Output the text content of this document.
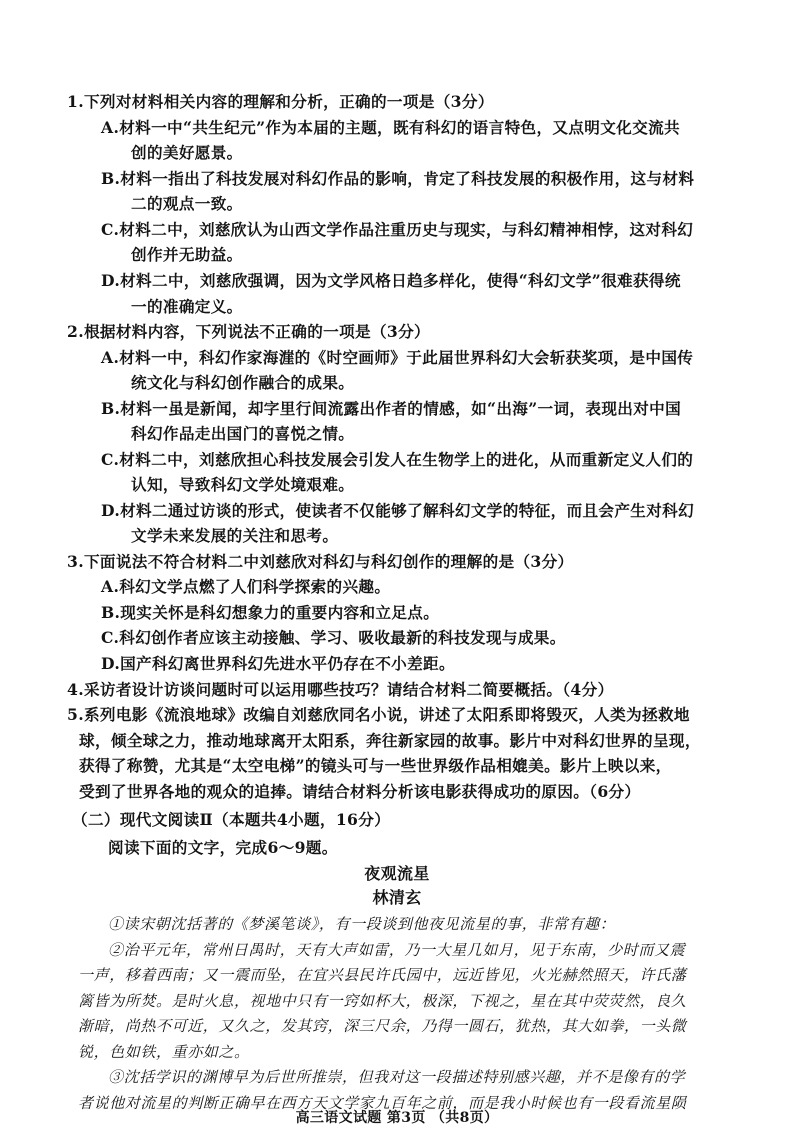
1.下列对材料相关内容的理解和分析，正确的一项是（3分）
A.材料一中“共生纪元”作为本届的主题，既有科幻的语言特色，又点明文化交流共
创的美好愿景。
B.材料一指出了科技发展对科幻作品的影响，肯定了科技发展的积极作用，这与材料
二的观点一致。
C.材料二中，刘慈欣认为山西文学作品注重历史与现实，与科幻精神相悖，这对科幻
创作并无助益。
D.材料二中，刘慈欣强调，因为文学风格日趋多样化，使得“科幻文学”很难获得统
一的准确定义。
2.根据材料内容，下列说法不正确的一项是（3分）
A.材料一中，科幻作家海漄的《时空画师》于此届世界科幻大会斩获奖项，是中国传
统文化与科幻创作融合的成果。
B.材料一虽是新闻，却字里行间流露出作者的情感，如“出海”一词，表现出对中国
科幻作品走出国门的喜悦之情。
C.材料二中，刘慈欣担心科技发展会引发人在生物学上的进化，从而重新定义人们的
认知，导致科幻文学处境艰难。
D.材料二通过访谈的形式，使读者不仅能够了解科幻文学的特征，而且会产生对科幻
文学未来发展的关注和思考。
3.下面说法不符合材料二中刘慈欣对科幻与科幻创作的理解的是（3分）
A.科幻文学点燃了人们科学探索的兴趣。
B.现实关怀是科幻想象力的重要内容和立足点。
C.科幻创作者应该主动接触、学习、吸收最新的科技发现与成果。
D.国产科幻离世界科幻先进水平仍存在不小差距。
4.采访者设计访谈问题时可以运用哪些技巧？请结合材料二简要概括。（4分）
5.系列电影《流浪地球》改编自刘慈欣同名小说，讲述了太阳系即将毁灭，人类为拯救地
球，倾全球之力，推动地球离开太阳系，奔往新家园的故事。影片中对科幻世界的呈现，
获得了称赞，尤其是“太空电梯”的镜头可与一些世界级作品相媲美。影片上映以来，
受到了世界各地的观众的追捧。请结合材料分析该电影获得成功的原因。（6分）
（二）现代文阅读Ⅱ（本题共4小题，16分）
阅读下面的文字，完成6～9题。
夜观流星
林清玄
①读宋朝沈括著的《梦溪笔谈》，有一段谈到他夜见流星的事，非常有趣：
②治平元年，常州日禺时，天有大声如雷，乃一大星几如月，见于东南，少时而又震
一声，移着西南；又一震而坠，在宜兴县民许氏园中，远近皆见，火光赫然照天，许氏藩
篱皆为所焚。是时火息，视地中只有一窍如杯大，极深，下视之，星在其中荧荧然，良久
渐暗，尚热不可近，又久之，发其窍，深三尺余，乃得一圆石，犹热，其大如拳，一头微
锐，色如铁，重亦如之。
③沈括学识的渊博早为后世所推崇，但我对这一段描述特别感兴趣，并不是像有的学
者说他对流星的判断正确早在西方天文学家九百年之前，而是我小时候也有一段看流星陨
高三语文试题 第3页 （共8页）
